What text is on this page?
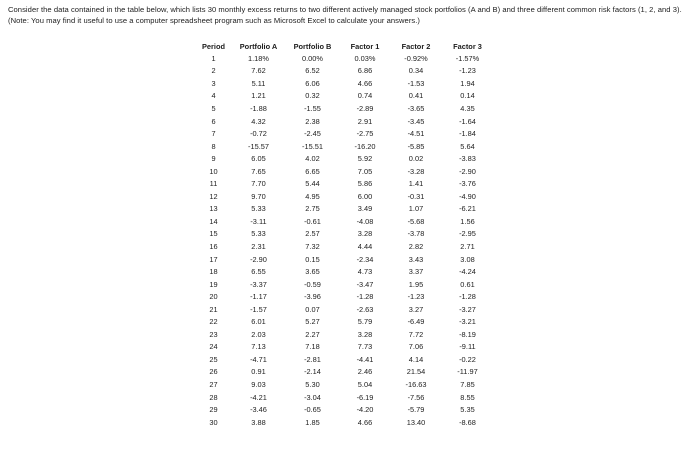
Consider the data contained in the table below, which lists 30 monthly excess returns to two different actively managed stock portfolios (A and B) and three different common risk factors (1, 2, and 3). (Note: You may find it useful to use a computer spreadsheet program such as Microsoft Excel to calculate your answers.)
Period	Portfolio A	Portfolio B	Factor 1	Factor 2	Factor 3
1	1.18%	0.00%	0.03%	-0.92%	-1.57%
2	7.62	6.52	6.86	0.34	-1.23
3	5.11	6.06	4.66	-1.53	1.94
4	1.21	0.32	0.74	0.41	0.14
5	-1.88	-1.55	-2.89	-3.65	4.35
6	4.32	2.38	2.91	-3.45	-1.64
7	-0.72	-2.45	-2.75	-4.51	-1.84
8	-15.57	-15.51	-16.20	-5.85	5.64
9	6.05	4.02	5.92	0.02	-3.83
10	7.65	6.65	7.05	-3.28	-2.90
11	7.70	5.44	5.86	1.41	-3.76
12	9.70	4.95	6.00	-0.31	-4.90
13	5.33	2.75	3.49	1.07	-6.21
14	-3.11	-0.61	-4.08	-5.68	1.56
15	5.33	2.57	3.28	-3.78	-2.95
16	2.31	7.32	4.44	2.82	2.71
17	-2.90	0.15	-2.34	3.43	3.08
18	6.55	3.65	4.73	3.37	-4.24
19	-3.37	-0.59	-3.47	1.95	0.61
20	-1.17	-3.96	-1.28	-1.23	-1.28
21	-1.57	0.07	-2.63	3.27	-3.27
22	6.01	5.27	5.79	-6.49	-3.21
23	2.03	2.27	3.28	7.72	-8.19
24	7.13	7.18	7.73	7.06	-9.11
25	-4.71	-2.81	-4.41	4.14	-0.22
26	0.91	-2.14	2.46	21.54	-11.97
27	9.03	5.30	5.04	-16.63	7.85
28	-4.21	-3.04	-6.19	-7.56	8.55
29	-3.46	-0.65	-4.20	-5.79	5.35
30	3.88	1.85	4.66	13.40	-8.68
